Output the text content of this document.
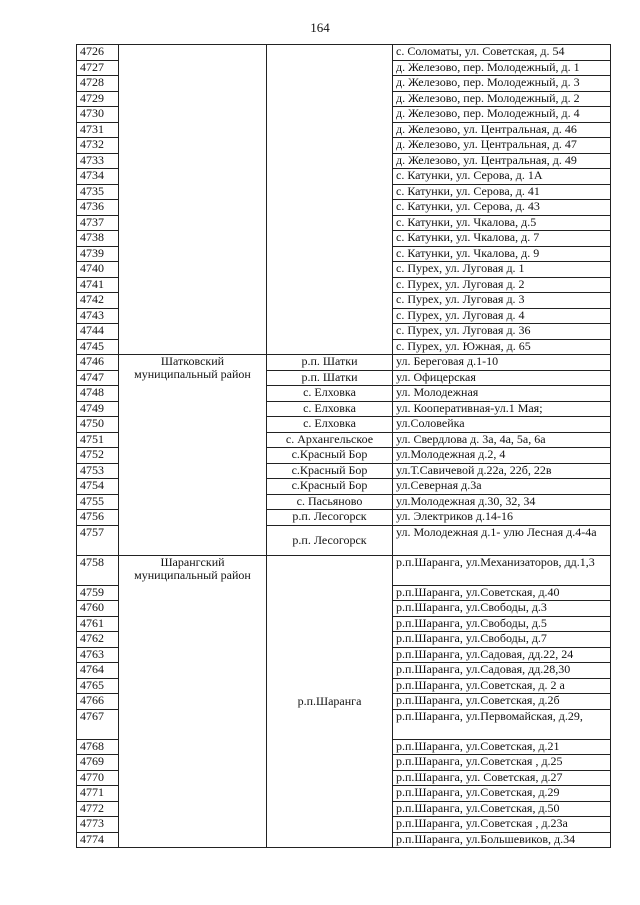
164
4726			с. Соломаты, ул. Советская, д. 54
4727			д. Железово, пер. Молодежный, д. 1
4728			д. Железово, пер. Молодежный, д. 3
4729			д. Железово, пер. Молодежный, д. 2
4730			д. Железово, пер. Молодежный, д. 4
4731			д. Железово, ул. Центральная, д. 46
4732			д. Железово, ул. Центральная, д. 47
4733			д. Железово, ул. Центральная, д. 49
4734			с. Катунки, ул. Серова, д. 1А
4735			с. Катунки, ул. Серова, д. 41
4736			с. Катунки, ул. Серова, д. 43
4737			с. Катунки, ул. Чкалова, д.5
4738			с. Катунки, ул. Чкалова, д. 7
4739			с. Катунки, ул. Чкалова, д. 9
4740			с. Пурех, ул. Луговая д. 1
4741			с. Пурех, ул. Луговая д. 2
4742			с. Пурех, ул. Луговая д. 3
4743			с. Пурех, ул. Луговая д. 4
4744			с. Пурех, ул. Луговая д. 36
4745			с. Пурех, ул. Южная, д. 65
4746	Шатковский муниципальный район	р.п. Шатки	ул. Береговая д.1-10
4747		р.п. Шатки	ул. Офицерская
4748		с. Елховка	ул. Молодежная
4749		с. Елховка	ул. Кооперативная-ул.1 Мая;
4750		с. Елховка	ул.Соловейка
4751		с. Архангельское	ул. Свердлова д. 3а, 4а, 5а, 6а
4752		с.Красный Бор	ул.Молодежная д.2, 4
4753		с.Красный Бор	ул.Т.Савичевой д.22а, 22б, 22в
4754		с.Красный Бор	ул.Северная д.3а
4755		с. Пасьяново	ул.Молодежная д.30, 32, 34
4756		р.п. Лесогорск	ул. Электриков д.14-16
4757		р.п. Лесогорск	ул. Молодежная д.1- улю Лесная д.4-4а
4758	Шарангский муниципальный район	р.п.Шаранга	р.п.Шаранга, ул.Механизаторов, дд.1,3
4759			р.п.Шаранга, ул.Советская, д.40
4760			р.п.Шаранга, ул.Свободы, д.3
4761			р.п.Шаранга, ул.Свободы, д.5
4762			р.п.Шаранга, ул.Свободы, д.7
4763			р.п.Шаранга, ул.Садовая, дд.22, 24
4764			р.п.Шаранга, ул.Садовая, дд.28,30
4765			р.п.Шаранга, ул.Советская, д. 2 а
4766			р.п.Шаранга, ул.Советская, д.2б
4767			р.п.Шаранга, ул.Первомайская, д.29,
4768			р.п.Шаранга, ул.Советская, д.21
4769			р.п.Шаранга, ул.Советская , д.25
4770			р.п.Шаранга, ул. Советская, д.27
4771			р.п.Шаранга, ул.Советская, д.29
4772			р.п.Шаранга, ул.Советская, д.50
4773			р.п.Шаранга, ул.Советская , д.23а
4774			р.п.Шаранга, ул.Большевиков, д.34
